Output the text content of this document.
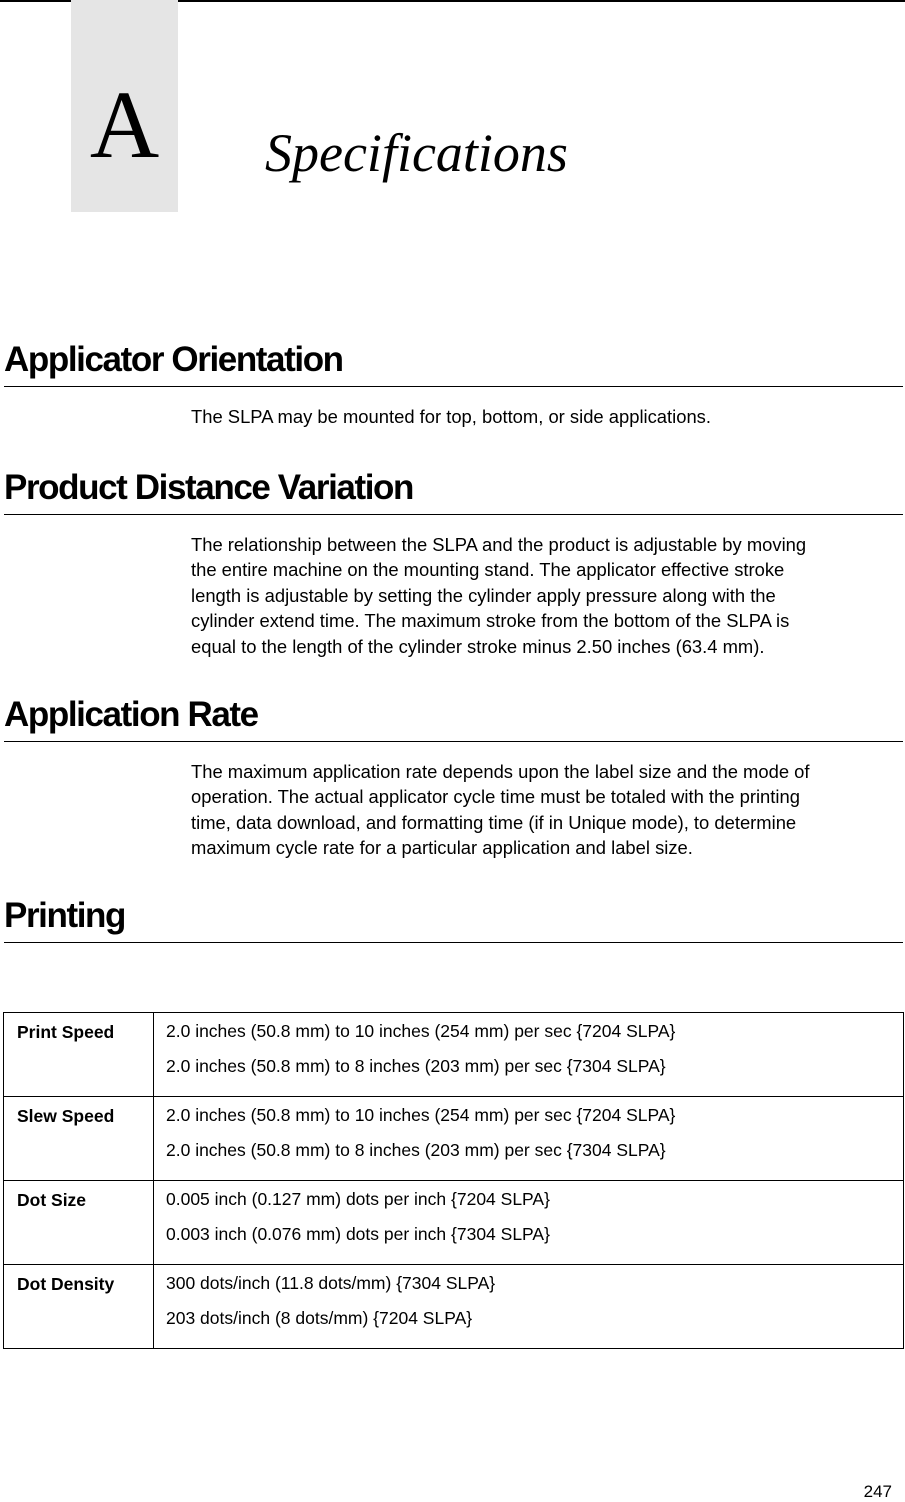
A	Specifications
Applicator Orientation
The SLPA may be mounted for top, bottom, or side applications.
Product Distance Variation
The relationship between the SLPA and the product is adjustable by moving
the entire machine on the mounting stand. The applicator effective stroke
length is adjustable by setting the cylinder apply pressure along with the
cylinder extend time. The maximum stroke from the bottom of the SLPA is
equal to the length of the cylinder stroke minus 2.50 inches (63.4 mm).
Application Rate
The maximum application rate depends upon the label size and the mode of
operation. The actual applicator cycle time must be totaled with the printing
time, data download, and formatting time (if in Unique mode), to determine
maximum cycle rate for a particular application and label size.
Printing
Print Speed	2.0 inches (50.8 mm) to 10 inches (254 mm) per sec {7204 SLPA}
2.0 inches (50.8 mm) to 8 inches (203 mm) per sec {7304 SLPA}

Slew Speed	2.0 inches (50.8 mm) to 10 inches (254 mm) per sec {7204 SLPA}
2.0 inches (50.8 mm) to 8 inches (203 mm) per sec {7304 SLPA}

Dot Size	0.005 inch (0.127 mm) dots per inch {7204 SLPA}
0.003 inch (0.076 mm) dots per inch {7304 SLPA}

Dot Density	300 dots/inch (11.8 dots/mm) {7304 SLPA}
203 dots/inch (8 dots/mm) {7204 SLPA}
247
